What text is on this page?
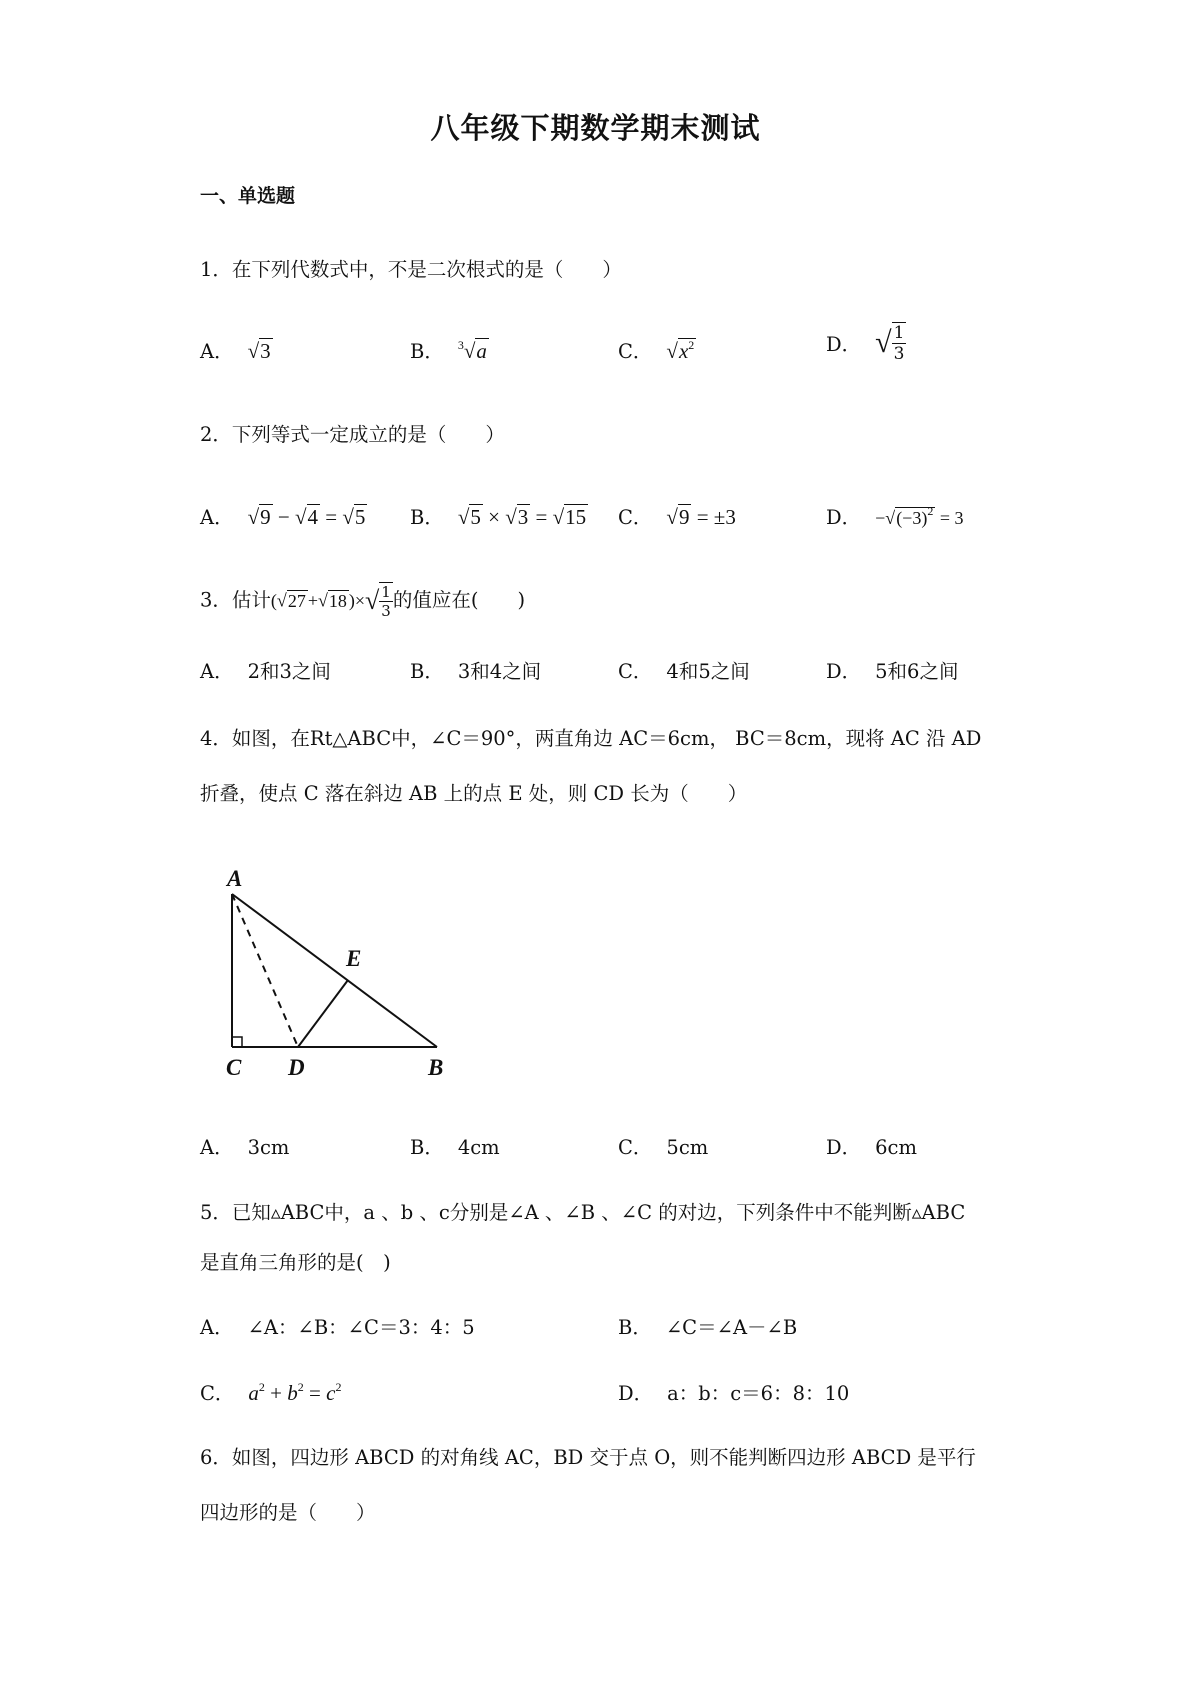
八年级下期数学期末测试
一、单选题
1．在下列代数式中，不是二次根式的是（　　）
A． √3	B． $^3$√a	C． $√x^2$	D． √ $\frac{1}{3}$
2．下列等式一定成立的是（　　）
A． √9 − √4 = √5 B． √5 × √3 = √15 C． √9 = ±3	D． $-√(-3)^2 = 3$
3．估计(√27 +√18 )×√ $\frac{1}{3}$ 的值应在(　　)
A． 2和3之间	B． 3和4之间	C． 4和5之间	D． 5和6之间
4．如图，在Rt△ABC中，∠C＝90°，两直角边 AC＝6cm， BC＝8cm，现将 AC 沿 AD
折叠，使点 C 落在斜边 AB 上的点 E 处，则 CD 长为（　　）
A
C D	B
E
A． 3cm	B． 4cm	C． 5cm	D． 6cm
5．已知▵ABC中，a 、b 、c分别是∠A 、∠B 、∠C 的对边，下列条件中不能判断▵ABC
是直角三角形的是(　)
A． ∠A：∠B：∠C＝3：4：5	B． ∠C＝∠A－∠B
C． $a^2 + b^2 = c^2$	D． a：b：c＝6：8：10
6．如图，四边形 ABCD 的对角线 AC，BD 交于点 O，则不能判断四边形 ABCD 是平行
四边形的是（　　）
